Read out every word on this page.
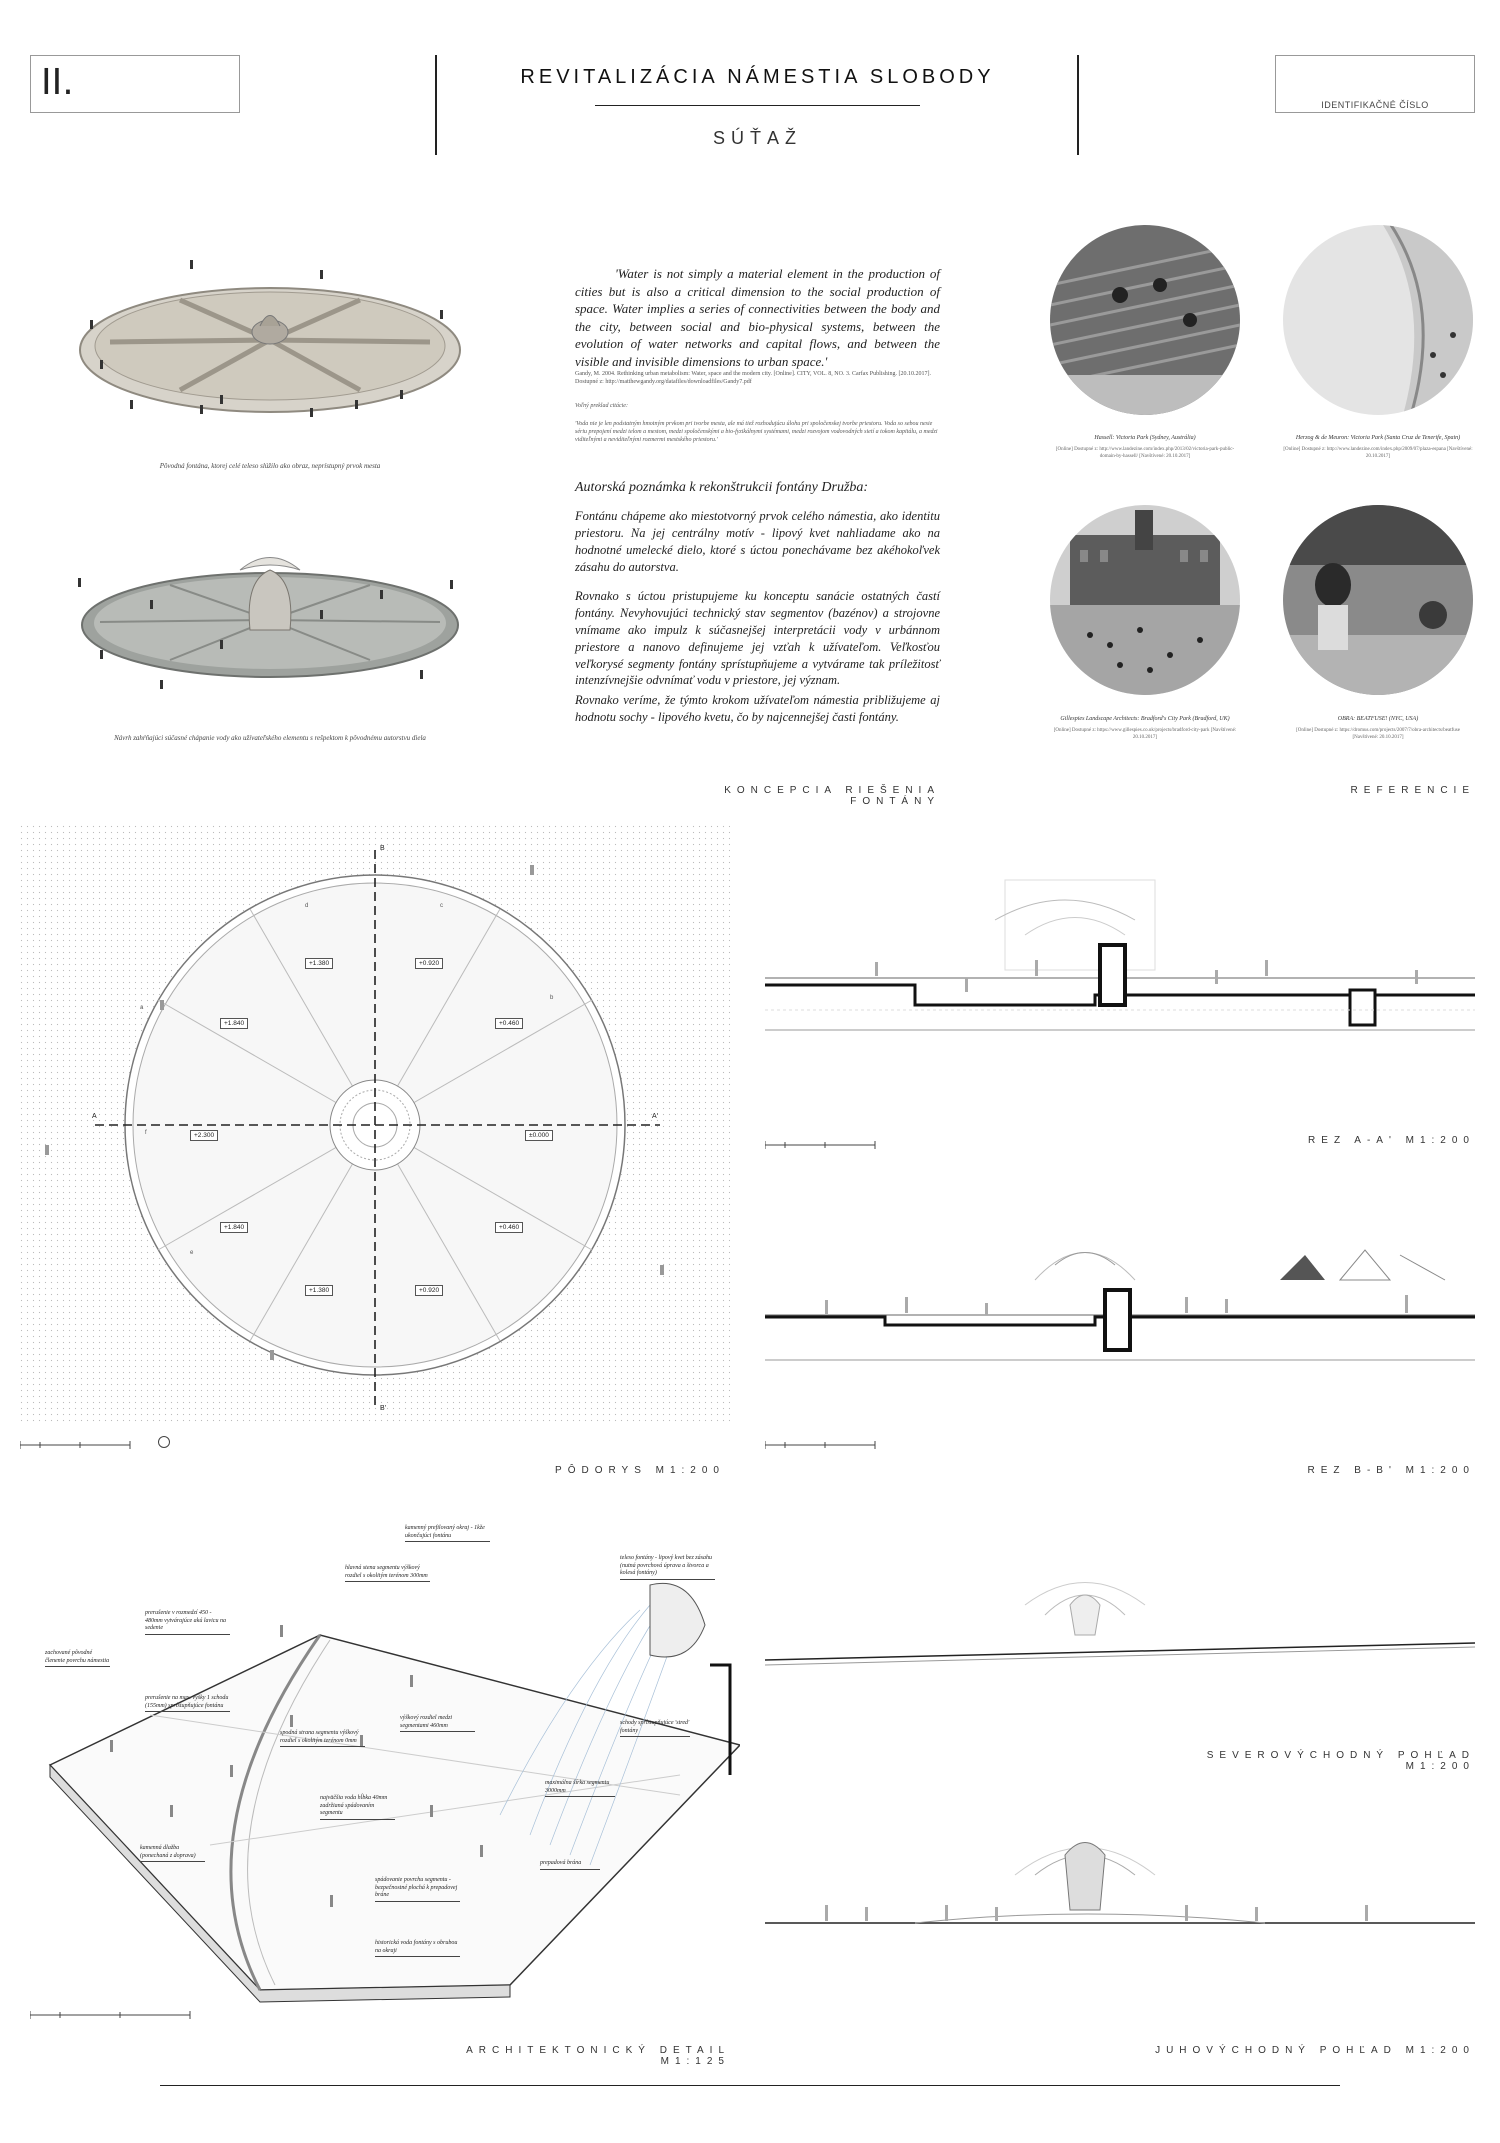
II.	REVITALIZÁCIA NÁMESTIA SLOBODY
SÚŤAŽ
IDENTIFIKAČNÉ ČÍSLO
Pôvodná fontána, ktorej celé teleso slúžilo ako obraz, neprístupný prvok mesta
Návrh zahŕňajúci súčasné chápanie vody ako užívateľského elementu s rešpektom k pôvodnému autorstvu diela
'Water is not simply a material element in the production of cities but is also a critical dimension to the social production of space. Water implies a series of connectivities between the body and the city, between social and bio-physical systems, between the evolution of water networks and capital flows, and between the visible and invisible dimensions to urban space.'
Gandy, M. 2004. Rethinking urban metabolism: Water, space and the modern city. [Online]. CITY, VOL. 8, NO. 3. Carfax Publishing. [20.10.2017]. Dostupné z: http://matthewgandy.org/datafiles/downloadfiles/Gandy7.pdf
Voľný preklad citácie:
'Voda nie je len podstatným hmotným prvkom pri tvorbe mesta, ale má tiež rozhodujúcu úlohu pri spoločenskej tvorbe priestoru. Voda so sebou nesie sériu prepojení medzi telom a mestom, medzi spoločenskými a bio-fyzikálnymi systémami, medzi rozvojom vodovodných sietí a tokom kapitálu, a medzi viditeľnými a neviditeľnými rozmermi mestského priestoru.'
Autorská poznámka k rekonštrukcii fontány Družba:
Fontánu chápeme ako miestotvorný prvok celého námestia, ako identitu priestoru. Na jej centrálny motív - lipový kvet nahliadame ako na hodnotné umelecké dielo, ktoré s úctou ponechávame bez akéhokoľvek zásahu do autorstva.
Rovnako s úctou pristupujeme ku konceptu sanácie ostatných častí fontány. Nevyhovujúci technický stav segmentov (bazénov) a strojovne vnímame ako impulz k súčasnejšej interpretácii vody v urbánnom priestore a nanovo definujeme jej vzťah k užívateľom. Veľkosťou veľkorysé segmenty fontány sprístupňujeme a vytvárame tak príležitosť intenzívnejšie odvnímať vodu v priestore, jej význam.
Rovnako veríme, že týmto krokom užívateľom námestia približujeme aj hodnotu sochy - lipového kvetu, čo by najcennejšej časti fontány.
KONCEPCIA RIEŠENIA FONTÁNY
Hassell: Victoria Park (Sydney, Austrália)
[Online] Dostupné z: http://www.landezine.com/index.php/2013/02/victoria-park-public-domain-by-hassell/ [Navštívené: 20.10.2017]
Herzog & de Meuron: Victoria Park (Santa Cruz de Tenerife, Spain)
[Online] Dostupné z: http://www.landezine.com/index.php/2009/07/plaza-espana [Navštívené: 20.10.2017]
Gillespies Landscape Architects: Bradford's City Park (Bradford, UK)
[Online] Dostupné z: https://www.gillespies.co.uk/projects/bradford-city-park [Navštívené: 20.10.2017]
OBRA: BEATFUSE! (NYC, USA)
[Online] Dostupné z: https://dromus.com/projects/2007/7/obra-architects/beatfuse [Navštívené: 20.10.2017]
REFERENCIE
+1.380	+0.920
+1.840	+0.460
+2.300	±0.000
+1.840	+0.460
+1.380	+0.920
A	A'
B
B'
a
b
c
d
e
f
PÔDORYS M1:200
REZ A-A' M1:200
REZ B-B' M1:200
kamenný prefilovaný okraj - 1kže ukončujúci fontánu
hlavná stena segmentu výškový rozdiel s okolitým terénom 300mm
prerušenie v rozmedzí 450 - 480mm vytvárajúce akú lavicu na sedenie
zachované pôvodné členenie povrchu námestia
prerušenie na max. výšky 1 schodu (155mm) sprístupňujúce fontánu
spodná strana segmentu výškový rozdiel s okolitým terénom 0mm
výškový rozdiel medzi segmentami 460mm
najväčšia voda hĺbka 40mm zadržianá spádovaním segmentu
kamenná dlažba (ponechaná z doprava)
spádovanie povrchu segmentu - bezpečnostné plochá k prepadovej bráne
teleso fontány - lipový kvet bez zásahu (nutná povrchová úprava a štvorca a kolesá fontány)
schody sprístupňujúce 'stred' fontány
maximálna šírka segmentu 3000mm
prepadová brána
historická voda fontány s obrubou na okraji
ARCHITEKTONICKÝ DETAIL M1:125
SEVEROVÝCHODNÝ POHĽAD M1:200
JUHOVÝCHODNÝ POHĽAD M1:200
